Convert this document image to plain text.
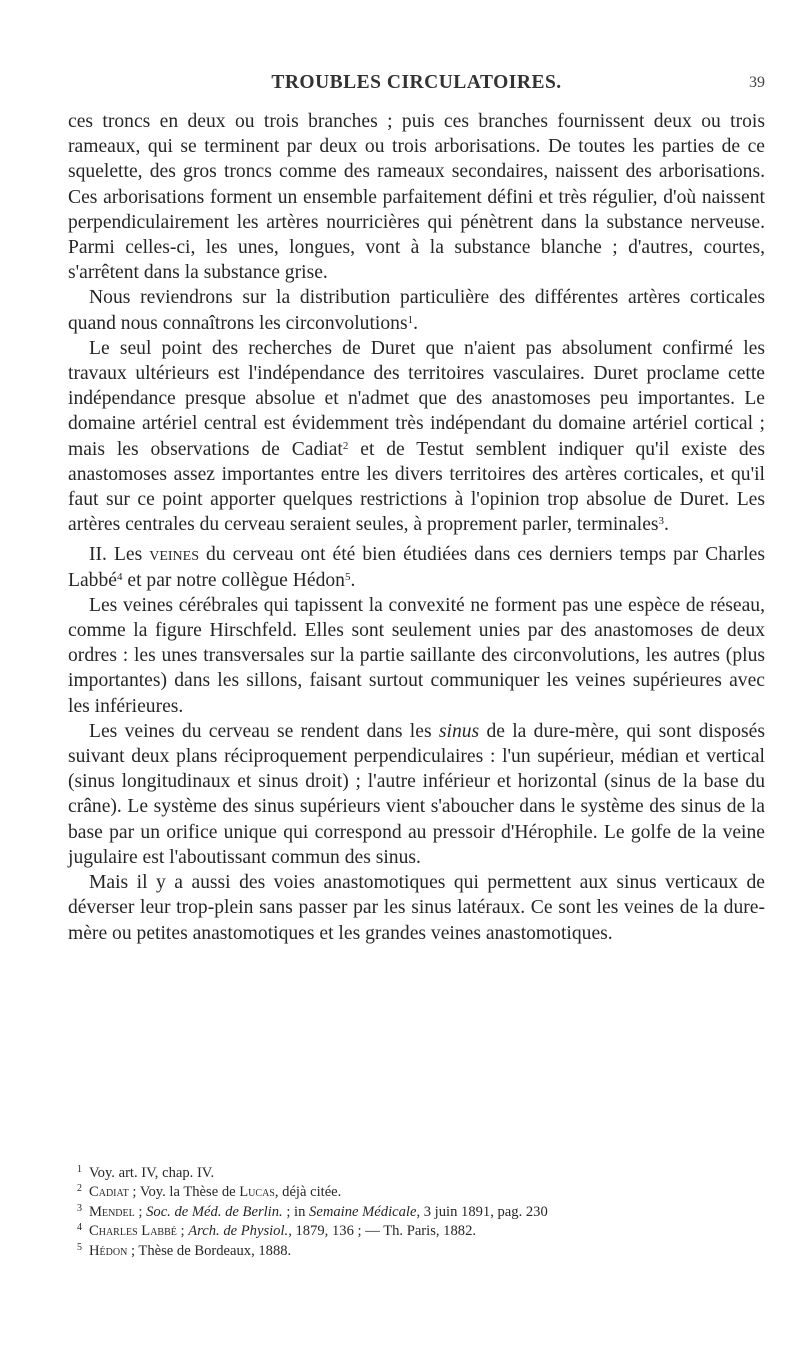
TROUBLES CIRCULATOIRES.	39

ces troncs en deux ou trois branches ; puis ces branches fournissent deux ou trois rameaux, qui se terminent par deux ou trois arborisations. De toutes les parties de ce squelette, des gros troncs comme des rameaux secondaires, naissent des arborisations. Ces arborisations forment un ensemble parfaitement défini et très régulier, d'où naissent perpendiculairement les artères nourricières qui pénètrent dans la substance nerveuse. Parmi celles-ci, les unes, longues, vont à la substance blanche ; d'autres, courtes, s'arrêtent dans la substance grise.

Nous reviendrons sur la distribution particulière des différentes artères corticales quand nous connaîtrons les circonvolutions$^1$.

Le seul point des recherches de Duret que n'aient pas absolument confirmé les travaux ultérieurs est l'indépendance des territoires vasculaires. Duret proclame cette indépendance presque absolue et n'admet que des anastomoses peu importantes. Le domaine artériel central est évidemment très indépendant du domaine artériel cortical ; mais les observations de Cadiat$^2$ et de Testut semblent indiquer qu'il existe des anastomoses assez importantes entre les divers territoires des artères corticales, et qu'il faut sur ce point apporter quelques restrictions à l'opinion trop absolue de Duret. Les artères centrales du cerveau seraient seules, à proprement parler, terminales$^3$.

II. Les veines du cerveau ont été bien étudiées dans ces derniers temps par Charles Labbé$^4$ et par notre collègue Hédon$^5$.

Les veines cérébrales qui tapissent la convexité ne forment pas une espèce de réseau, comme la figure Hirschfeld. Elles sont seulement unies par des anastomoses de deux ordres : les unes transversales sur la partie saillante des circonvolutions, les autres (plus importantes) dans les sillons, faisant surtout communiquer les veines supérieures avec les inférieures.

Les veines du cerveau se rendent dans les sinus de la dure-mère, qui sont disposés suivant deux plans réciproquement perpendiculaires : l'un supérieur, médian et vertical (sinus longitudinaux et sinus droit) ; l'autre inférieur et horizontal (sinus de la base du crâne). Le système des sinus supérieurs vient s'aboucher dans le système des sinus de la base par un orifice unique qui correspond au pressoir d'Hérophile. Le golfe de la veine jugulaire est l'aboutissant commun des sinus.

Mais il y a aussi des voies anastomotiques qui permettent aux sinus verticaux de déverser leur trop-plein sans passer par les sinus latéraux. Ce sont les veines de la dure-mère ou petites anastomotiques et les grandes veines anastomotiques.

1 Voy. art. IV, chap. IV.

2 Cadiat ; Voy. la Thèse de Lucas, déjà citée.

3 Mendel ; Soc. de Méd. de Berlin. ; in Semaine Médicale, 3 juin 1891, pag. 230

4 Charles Labbé ; Arch. de Physiol., 1879, 136 ; — Th. Paris, 1882.

5 Hédon ; Thèse de Bordeaux, 1888.
